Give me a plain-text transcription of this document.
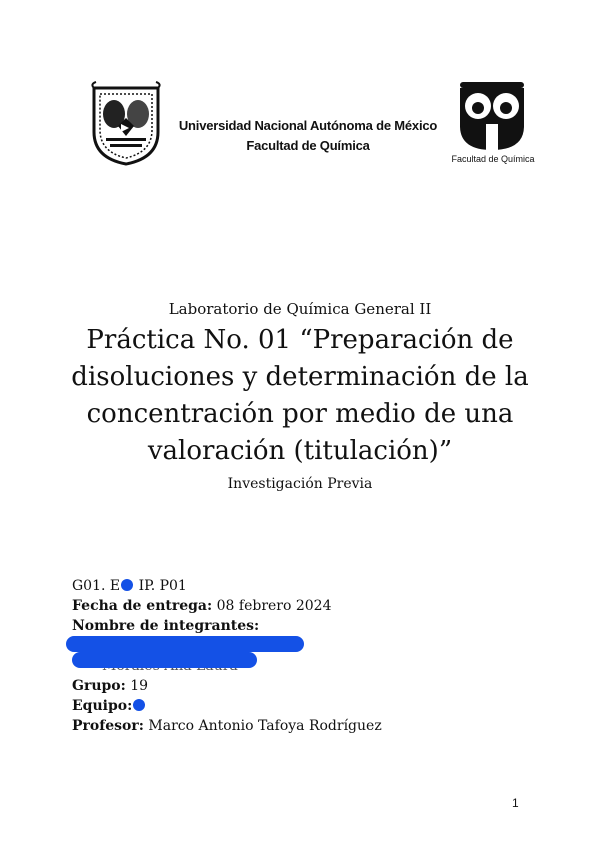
Universidad Nacional Autónoma de México
Facultad de Química
Facultad de Química
Laboratorio de Química General II
Práctica No. 01 “Preparación de
disoluciones y determinación de la
concentración por medio de una
valoración (titulación)”
Investigación Previa
G01. E IP. P01
Fecha de entrega: 08 febrero 2024
Nombre de integrantes:
Grupo: 19
Equipo:
Profesor: Marco Antonio Tafoya Rodríguez
1
